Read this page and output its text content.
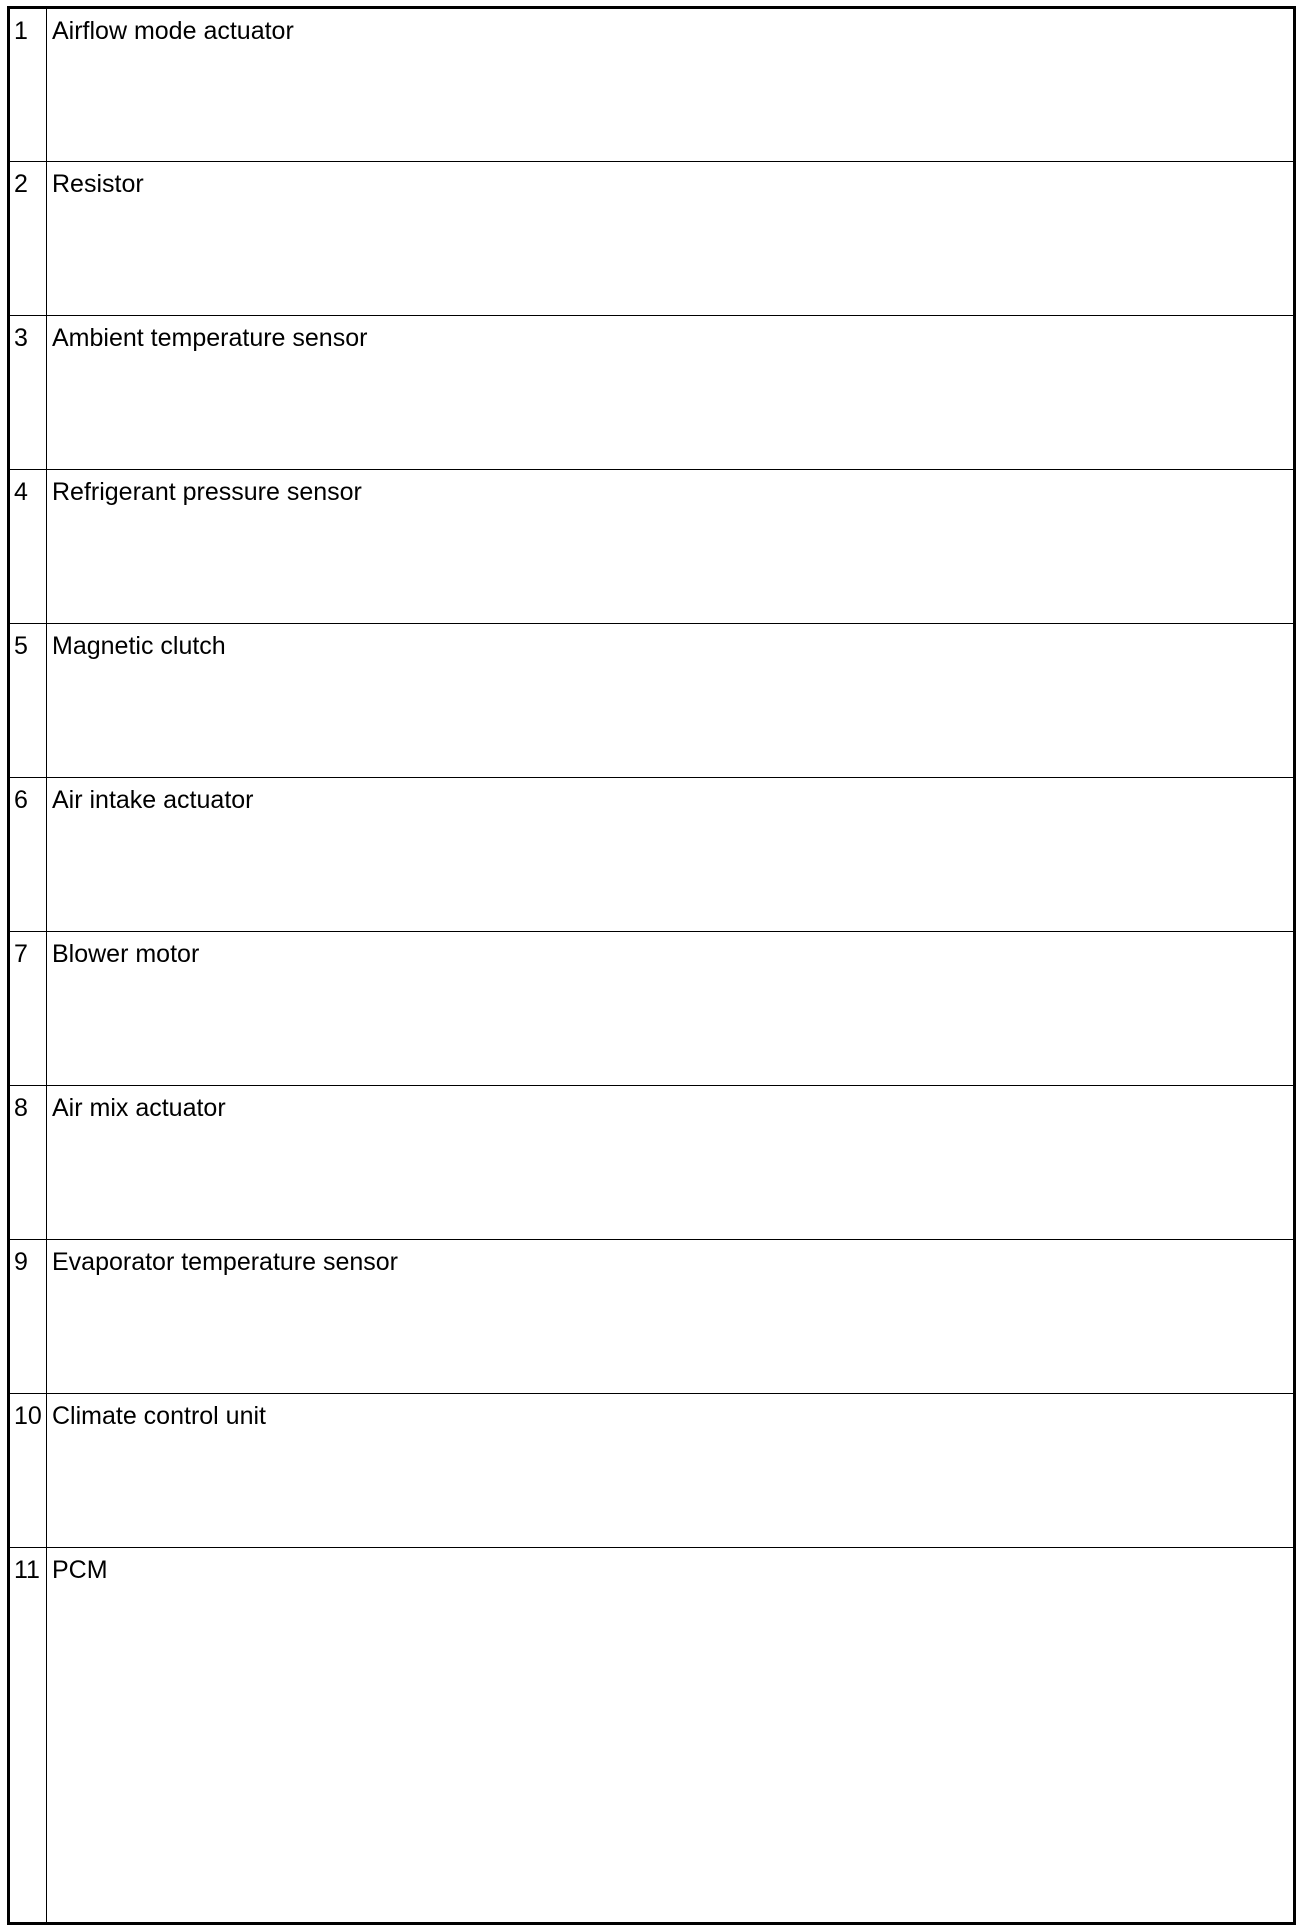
1	Airflow mode actuator
2	Resistor
3	Ambient temperature sensor
4	Refrigerant pressure sensor
5	Magnetic clutch
6	Air intake actuator
7	Blower motor
8	Air mix actuator
9	Evaporator temperature sensor
10	Climate control unit
11	PCM
